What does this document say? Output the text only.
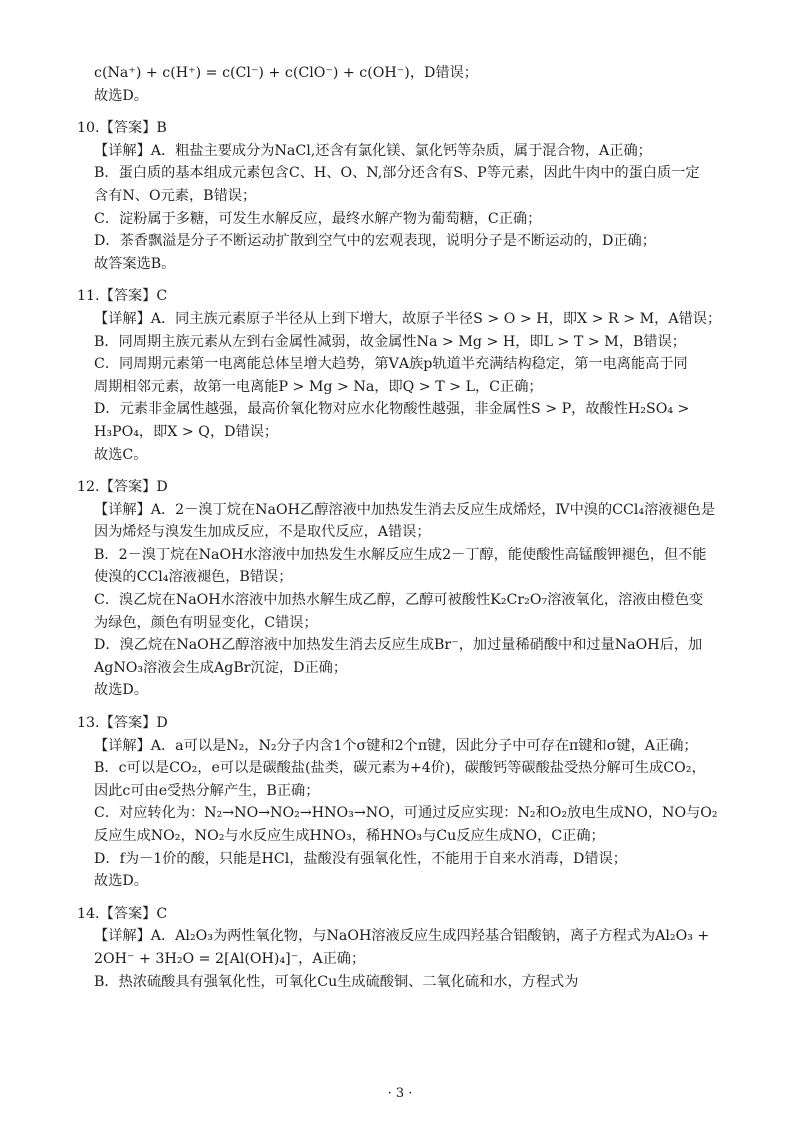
c(Na⁺) + c(H⁺) = c(Cl⁻) + c(ClO⁻) + c(OH⁻)，D错误；
故选D。
10.【答案】B
【详解】A．粗盐主要成分为NaCl,还含有氯化镁、氯化钙等杂质，属于混合物，A正确；
B．蛋白质的基本组成元素包含C、H、O、N,部分还含有S、P等元素，因此牛肉中的蛋白质一定
含有N、O元素，B错误；
C．淀粉属于多糖，可发生水解反应，最终水解产物为葡萄糖，C正确；
D．茶香飘溢是分子不断运动扩散到空气中的宏观表现，说明分子是不断运动的，D正确；
故答案选B。
11.【答案】C
【详解】A．同主族元素原子半径从上到下增大，故原子半径S > O > H，即X > R > M，A错误；
B．同周期主族元素从左到右金属性减弱，故金属性Na > Mg > H，即L > T > M，B错误；
C．同周期元素第一电离能总体呈增大趋势，第ⅤA族p轨道半充满结构稳定，第一电离能高于同
周期相邻元素，故第一电离能P > Mg > Na，即Q > T > L，C正确；
D．元素非金属性越强，最高价氧化物对应水化物酸性越强，非金属性S > P，故酸性H₂SO₄ >
H₃PO₄，即X > Q，D错误；
故选C。
12.【答案】D
【详解】A．2－溴丁烷在NaOH乙醇溶液中加热发生消去反应生成烯烃，Ⅳ中溴的CCl₄溶液褪色是
因为烯烃与溴发生加成反应，不是取代反应，A错误；
B．2－溴丁烷在NaOH水溶液中加热发生水解反应生成2－丁醇，能使酸性高锰酸钾褪色，但不能
使溴的CCl₄溶液褪色，B错误；
C．溴乙烷在NaOH水溶液中加热水解生成乙醇，乙醇可被酸性K₂Cr₂O₇溶液氧化，溶液由橙色变
为绿色，颜色有明显变化，C错误；
D．溴乙烷在NaOH乙醇溶液中加热发生消去反应生成Br⁻，加过量稀硝酸中和过量NaOH后，加
AgNO₃溶液会生成AgBr沉淀，D正确；
故选D。
13.【答案】D
【详解】A．a可以是N₂，N₂分子内含1个σ键和2个π键，因此分子中可存在π键和σ键，A正确；
B．c可以是CO₂，e可以是碳酸盐(盐类，碳元素为+4价)，碳酸钙等碳酸盐受热分解可生成CO₂，
因此c可由e受热分解产生，B正确；
C．对应转化为：N₂→NO→NO₂→HNO₃→NO，可通过反应实现：N₂和O₂放电生成NO，NO与O₂
反应生成NO₂，NO₂与水反应生成HNO₃，稀HNO₃与Cu反应生成NO，C正确；
D．f为－1价的酸，只能是HCl，盐酸没有强氧化性，不能用于自来水消毒，D错误；
故选D。
14.【答案】C
【详解】A．Al₂O₃为两性氧化物，与NaOH溶液反应生成四羟基合铝酸钠，离子方程式为Al₂O₃ +
2OH⁻ + 3H₂O = 2[Al(OH)₄]⁻，A正确；
B．热浓硫酸具有强氧化性，可氧化Cu生成硫酸铜、二氧化硫和水，方程式为
· 3 ·
